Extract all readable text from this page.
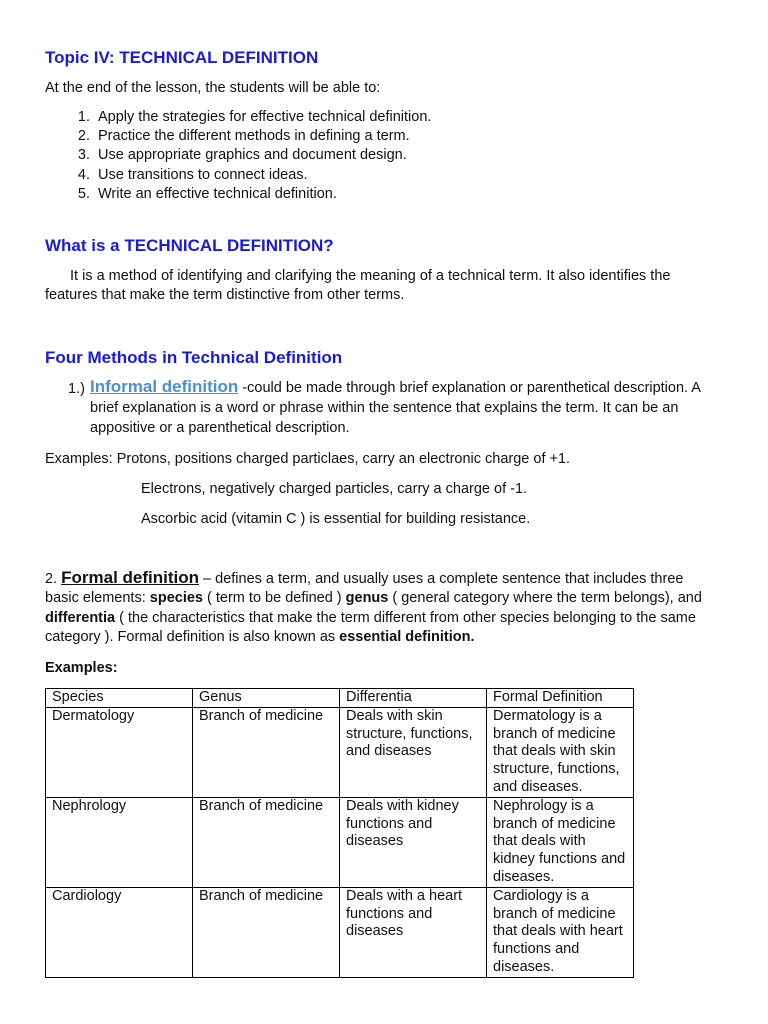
Topic IV: TECHNICAL DEFINITION

At the end of the lesson, the students will be able to:

1 . Apply the strategies for effective technical definition.
2 . Practice the different methods in defining a term.
3 . Use appropriate graphics and document design.
4 . Use transitions to connect ideas.
5 . Write an effective technical definition.
What is a TECHNICAL DEFINITION?

It is a method of identifying and clarifying the meaning of a technical term. It also identifies the features that make the term distinctive from other terms.

Four Methods in Technical Definition
1.) Informal definition -could be made through brief explanation or parenthetical description. A brief explanation is a word or phrase within the sentence that explains the term. It can be an appositive or a parenthetical description.

Examples: Protons, positions charged particlaes, carry an electronic charge of +1.

Electrons, negatively charged particles, carry a charge of -1.

Ascorbic acid (vitamin C ) is essential for building resistance.

2. Formal definition – defines a term, and usually uses a complete sentence that includes three basic elements: species ( term to be defined ) genus ( general category where the term belongs), and differentia ( the characteristics that make the term different from other species belonging to the same category ). Formal definition is also known as essential definition.

Examples:

Species	Genus	Differentia	Formal Definition
Dermatology	Branch of medicine	Deals with skin structure, functions, and diseases	Dermatology is a branch of medicine that deals with skin structure, functions, and diseases.
Nephrology	Branch of medicine	Deals with kidney functions and diseases	Nephrology is a branch of medicine that deals with kidney functions and diseases.
Cardiology	Branch of medicine	Deals with a heart functions and diseases	Cardiology is a branch of medicine that deals with heart functions and diseases.
